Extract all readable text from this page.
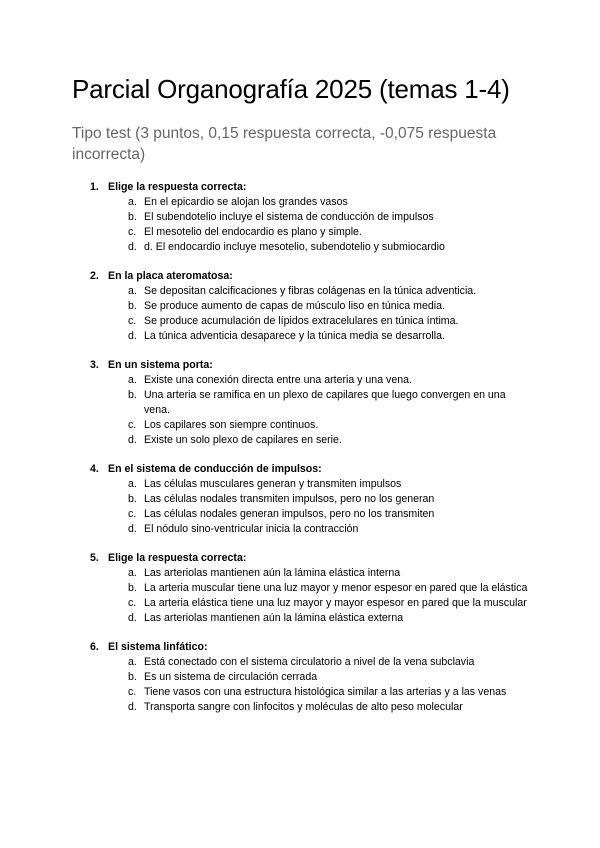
Parcial Organografía 2025 (temas 1-4)

Tipo test (3 puntos, 0,15 respuesta correcta, -0,075 respuesta incorrecta)

1. Elige la respuesta correcta:
a. En el epicardio se alojan los grandes vasos
b. El subendotelio incluye el sistema de conducción de impulsos
c. El mesotelio del endocardio es plano y simple.
d. d. El endocardio incluye mesotelio, subendotelio y submiocardio
2. En la placa ateromatosa:
a. Se depositan calcificaciones y fibras colágenas en la túnica adventicia.
b. Se produce aumento de capas de músculo liso en túnica media.
c. Se produce acumulación de lípidos extracelulares en túnica íntima.
d. La túnica adventicia desaparece y la túnica media se desarrolla.
3. En un sistema porta:
a. Existe una conexión directa entre una arteria y una vena.
b. Una arteria se ramifica en un plexo de capilares que luego convergen en una vena.
c. Los capilares son siempre continuos.
d. Existe un solo plexo de capilares en serie.
4. En el sistema de conducción de impulsos:
a. Las células musculares generan y transmiten impulsos
b. Las células nodales transmiten impulsos, pero no los generan
c. Las células nodales generan impulsos, pero no los transmiten
d. El nódulo sino-ventricular inicia la contracción
5. Elige la respuesta correcta:
a. Las arteriolas mantienen aún la lámina elástica interna
b. La arteria muscular tiene una luz mayor y menor espesor en pared que la elástica
c. La arteria elástica tiene una luz mayor y mayor espesor en pared que la muscular
d. Las arteriolas mantienen aún la lámina elástica externa
6. El sistema linfático:
a. Está conectado con el sistema circulatorio a nivel de la vena subclavia
b. Es un sistema de circulación cerrada
c. Tiene vasos con una estructura histológica similar a las arterias y a las venas
d. Transporta sangre con linfocitos y moléculas de alto peso molecular
